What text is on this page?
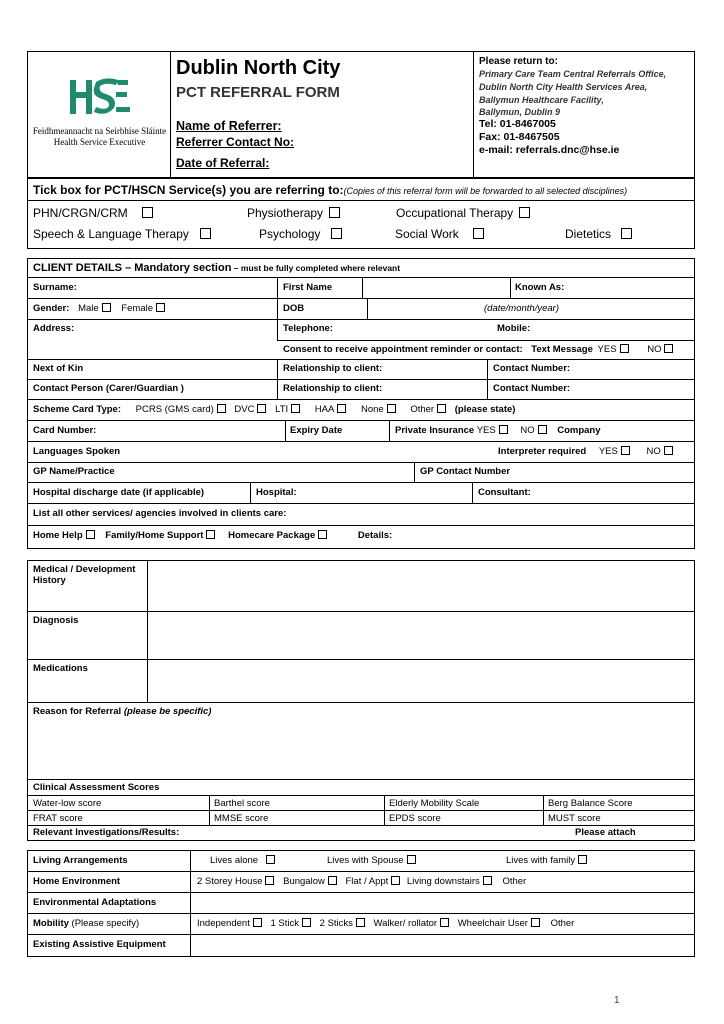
Feidhmeannacht na Seirbhíse Sláinte
Health Service Executive
Dublin North City
PCT REFERRAL FORM
Name of Referrer:
Referrer Contact No:
Date of Referral:
Please return to:
Primary Care Team Central Referrals Office,
Dublin North City Health Services Area,
Ballymun Healthcare Facility,
Ballymun, Dublin 9
Tel: 01-8467005
Fax: 01-8467505
e-mail: referrals.dnc@hse.ie
Tick box for PCT/HSCN Service(s) you are referring to:(Copies of this referral form will be forwarded to all selected disciplines)
PHN/CRGN/CRM	Physiotherapy	Occupational Therapy
Speech & Language Therapy	Psychology	Social Work	Dietetics
CLIENT DETAILS – Mandatory section – must be fully completed where relevant
Surname:	First Name	Known As:
Gender: Male Female	DOB	(date/month/year)
Address:	Telephone:	Mobile:
Consent to receive appointment reminder or contact: Text Message YES	NO
Next of Kin	Relationship to client:	Contact Number:
Contact Person (Carer/Guardian )	Relationship to client:	Contact Number:
Scheme Card Type: PCRS (GMS card) DVC LTI	HAA	None	Other (please state)
Card Number:	Expiry Date	Private Insurance YES	NO Company
Languages Spoken	Interpreter required YES	NO
GP Name/Practice	GP Contact Number
Hospital discharge date (if applicable)	Hospital:	Consultant:
List all other services/ agencies involved in clients care:
Home Help Family/Home Support	Homecare Package	Details:
Medical / Development
History
Diagnosis
Medications
Reason for Referral (please be specific)
Clinical Assessment Scores
Water-low score	Barthel score	Elderly Mobility Scale	Berg Balance Score
FRAT score	MMSE score	EPDS score	MUST score
Relevant Investigations/Results:	Please attach
Living Arrangements	Lives alone	Lives with Spouse	Lives with family
Home Environment	2 Storey House Bungalow Flat / Appt Living downstairs Other
Environmental Adaptations
Mobility (Please specify)	Independent 1 Stick 2 Sticks Walker/ rollator Wheelchair User Other
Existing Assistive Equipment
1
